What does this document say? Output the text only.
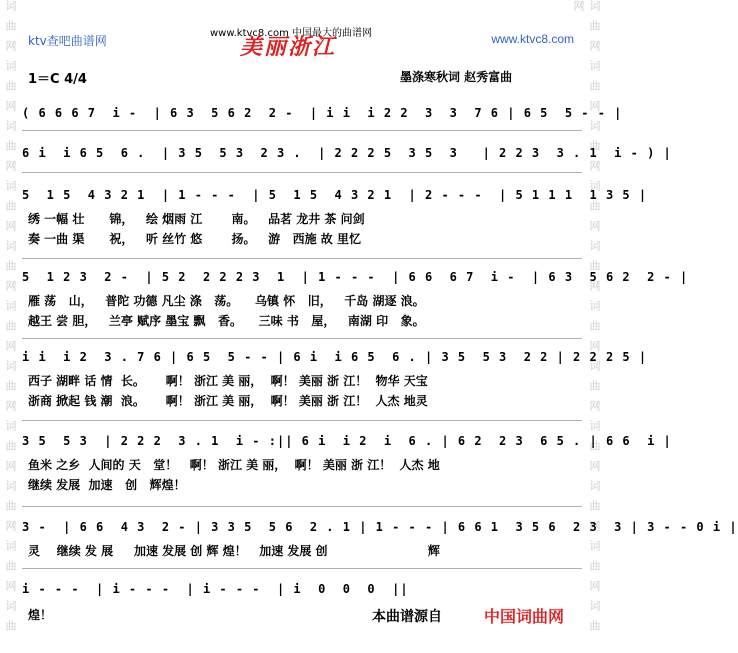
词曲网词曲网词曲网词曲网词曲网词曲网词曲网词曲网词曲网词曲网词曲	词曲网词曲网词曲网词曲网词曲网词曲网词曲网词曲网词曲网词曲网词曲网
ktv查吧曲谱网
www.ktvc8.com 中国最大的曲谱网	www.ktvc8.com
美丽浙江
1＝C 4/4	墨涤寒秋词 赵秀富曲
( 6 6 6 7  i -  | 6 3  5 6 2  2 -  | i i  i 2 2  3  3  7 6 | 6 5  5 - - |
6 i  i 6 5  6 .  | 3 5  5 3  2 3 .  | 2 2 2 5  3 5  3   | 2 2 3  3 . 1  i - ) |
5  1 5  4 3 2 1  | 1 - - -  | 5  1 5  4 3 2 1  | 2 - - -  | 5 1 1 1  1 3 5 |
绣 一幅 壮      锦，   绘 烟雨 江       南。   品茗 龙井 茶 问剑
奏 一曲 渠      祝，   听 丝竹 悠       扬。   游   西施 故 里忆
5  1 2 3  2 -  | 5 2  2 2 2 3  1  | 1 - - -  | 6 6  6 7  i -  | 6 3  5 6 2  2 - |
雁 荡   山，   普陀 功德 凡尘 涤   荡。    乌镇 怀   旧，   千岛 湖逐 浪。
越王 尝 胆，   兰亭 赋序 墨宝 飘   香。    三味 书   屋，   南湖 印   象。
i i  i 2  3 . 7 6 | 6 5  5 - - | 6 i  i 6 5  6 . | 3 5  5 3  2 2 | 2 2 2 5 |
西子 湖畔 话 情  长。     啊！ 浙江 美 丽，  啊！ 美丽 浙 江！  物华 天宝
浙商 掀起 钱 潮  浪。     啊！ 浙江 美 丽，  啊！ 美丽 浙 江！  人杰 地灵
3 5  5 3  | 2 2 2  3 . 1  i - :|| 6 i  i 2  i  6 . | 6 2  2 3  6 5 . | 6 6  i |
鱼米 之乡  人间的 天   堂！   啊！ 浙江 美 丽，  啊！ 美丽 浙 江！  人杰 地
继续 发展  加速   创   辉煌！
3 -  | 6 6  4 3  2 - | 3 3 5  5 6  2 . 1 | 1 - - - | 6 6 1  3 5 6  2 3  3 | 3 - - 0 i |
灵    继续 发 展     加速 发展 创 辉 煌！   加速 发展 创                        辉
i - - -  | i - - -  | i - - -  | i  0  0  0  ||
煌！	本曲谱源自	中国词曲网
